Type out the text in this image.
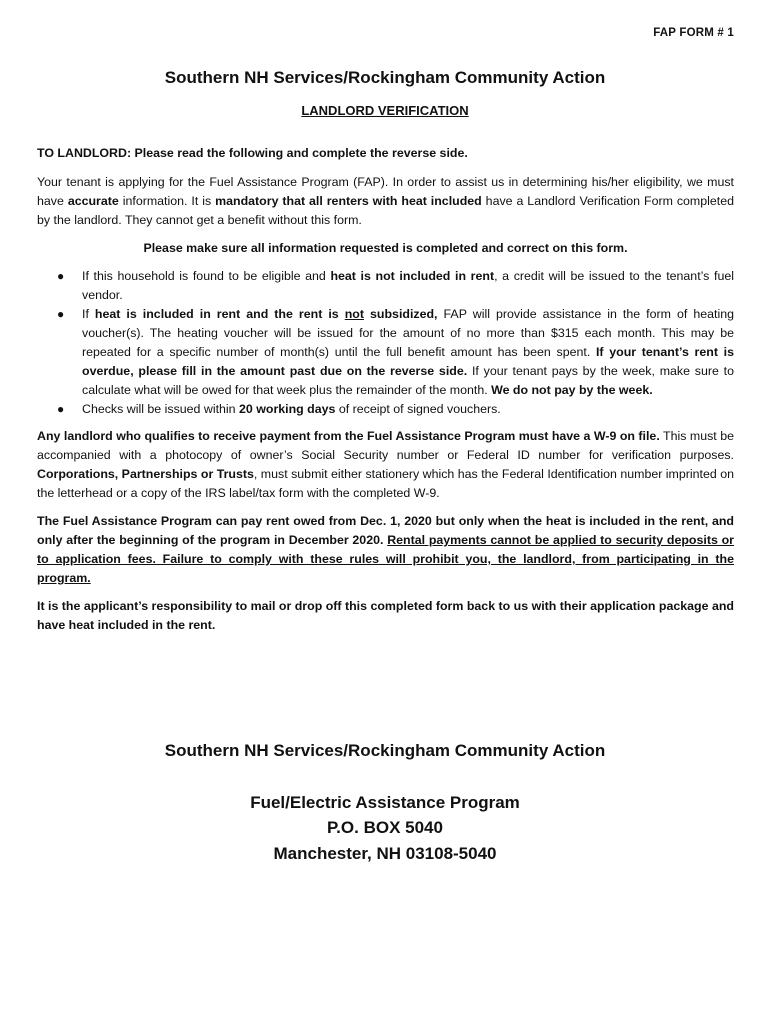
FAP FORM # 1
Southern NH Services/Rockingham Community Action
LANDLORD VERIFICATION

TO LANDLORD: Please read the following and complete the reverse side.

Your tenant is applying for the Fuel Assistance Program (FAP). In order to assist us in determining his/her eligibility, we must have accurate information. It is mandatory that all renters with heat included have a Landlord Verification Form completed by the landlord. They cannot get a benefit without this form.

Please make sure all information requested is completed and correct on this form.

● If this household is found to be eligible and heat is not included in rent, a credit will be issued to the tenant’s fuel vendor.
● If heat is included in rent and the rent is not subsidized, FAP will provide assistance in the form of heating voucher(s). The heating voucher will be issued for the amount of no more than $315 each month. This may be repeated for a specific number of month(s) until the full benefit amount has been spent. If your tenant’s rent is overdue, please fill in the amount past due on the reverse side. If your tenant pays by the week, make sure to calculate what will be owed for that week plus the remainder of the month. We do not pay by the week.
● Checks will be issued within 20 working days of receipt of signed vouchers.

Any landlord who qualifies to receive payment from the Fuel Assistance Program must have a W-9 on file. This must be accompanied with a photocopy of owner’s Social Security number or Federal ID number for verification purposes. Corporations, Partnerships or Trusts, must submit either stationery which has the Federal Identification number imprinted on the letterhead or a copy of the IRS label/tax form with the completed W-9.

The Fuel Assistance Program can pay rent owed from Dec. 1, 2020 but only when the heat is included in the rent, and only after the beginning of the program in December 2020. Rental payments cannot be applied to security deposits or to application fees. Failure to comply with these rules will prohibit you, the landlord, from participating in the program.

It is the applicant’s responsibility to mail or drop off this completed form back to us with their application package and have heat included in the rent.

Southern NH Services/Rockingham Community Action
Fuel/Electric Assistance Program
P.O. BOX 5040
Manchester, NH 03108-5040
